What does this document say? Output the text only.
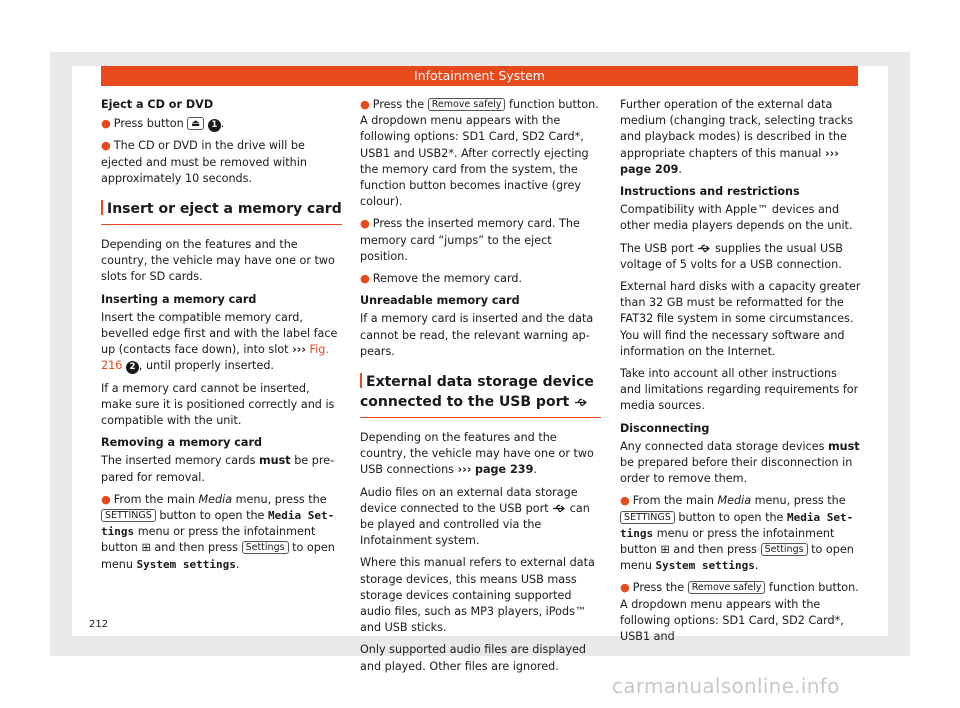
Infotainment System

Eject a CD or DVD

● Press button ⏏ 1 .

● The CD or DVD in the drive will be ejected and must be removed within approximately 10 seconds.

Insert or eject a memory card

Depending on the features and the country, the vehicle may have one or two slots for SD cards.

Inserting a memory card

Insert the compatible memory card, bevelled edge first and with the label face up (contacts face down), into slot ››› Fig. 216 2 , until properly inserted.

If a memory card cannot be inserted, make sure it is positioned correctly and is compatible with the unit.

Removing a memory card

The inserted memory cards must be prepared for removal.

● From the main Media menu, press the SETTINGS button to open the Media Settings menu or press the infotainment button ⊞ and then press Settings to open menu System settings.

● Press the Remove safely function button. A dropdown menu appears with the following options: SD1 Card, SD2 Card*, USB1 and USB2*. After correctly ejecting the memory card from the system, the function button becomes inactive (grey colour).

● Press the inserted memory card. The memory card “jumps” to the eject position.

● Remove the memory card.

Unreadable memory card

If a memory card is inserted and the data cannot be read, the relevant warning appears.

External data storage device connected to the USB port

Depending on the features and the country, the vehicle may have one or two USB connections ››› page 239.

Audio files on an external data storage device connected to the USB port can be played and controlled via the Infotainment system.

Where this manual refers to external data storage devices, this means USB mass storage devices containing supported audio files, such as MP3 players, iPods™ and USB sticks.

Only supported audio files are displayed and played. Other files are ignored.

Further operation of the external data medium (changing track, selecting tracks and playback modes) is described in the appropriate chapters of this manual ››› page 209.

Instructions and restrictions

Compatibility with Apple™ devices and other media players depends on the unit.

The USB port supplies the usual USB voltage of 5 volts for a USB connection.

External hard disks with a capacity greater than 32 GB must be reformatted for the FAT32 file system in some circumstances. You will find the necessary software and information on the Internet.

Take into account all other instructions and limitations regarding requirements for media sources.

Disconnecting

Any connected data storage devices must be prepared before their disconnection in order to remove them.

● From the main Media menu, press the SETTINGS button to open the Media Settings menu or press the infotainment button ⊞ and then press Settings to open menu System settings.

● Press the Remove safely function button. A dropdown menu appears with the following options: SD1 Card, SD2 Card*, USB1 and

212
carmanualsonline.info
